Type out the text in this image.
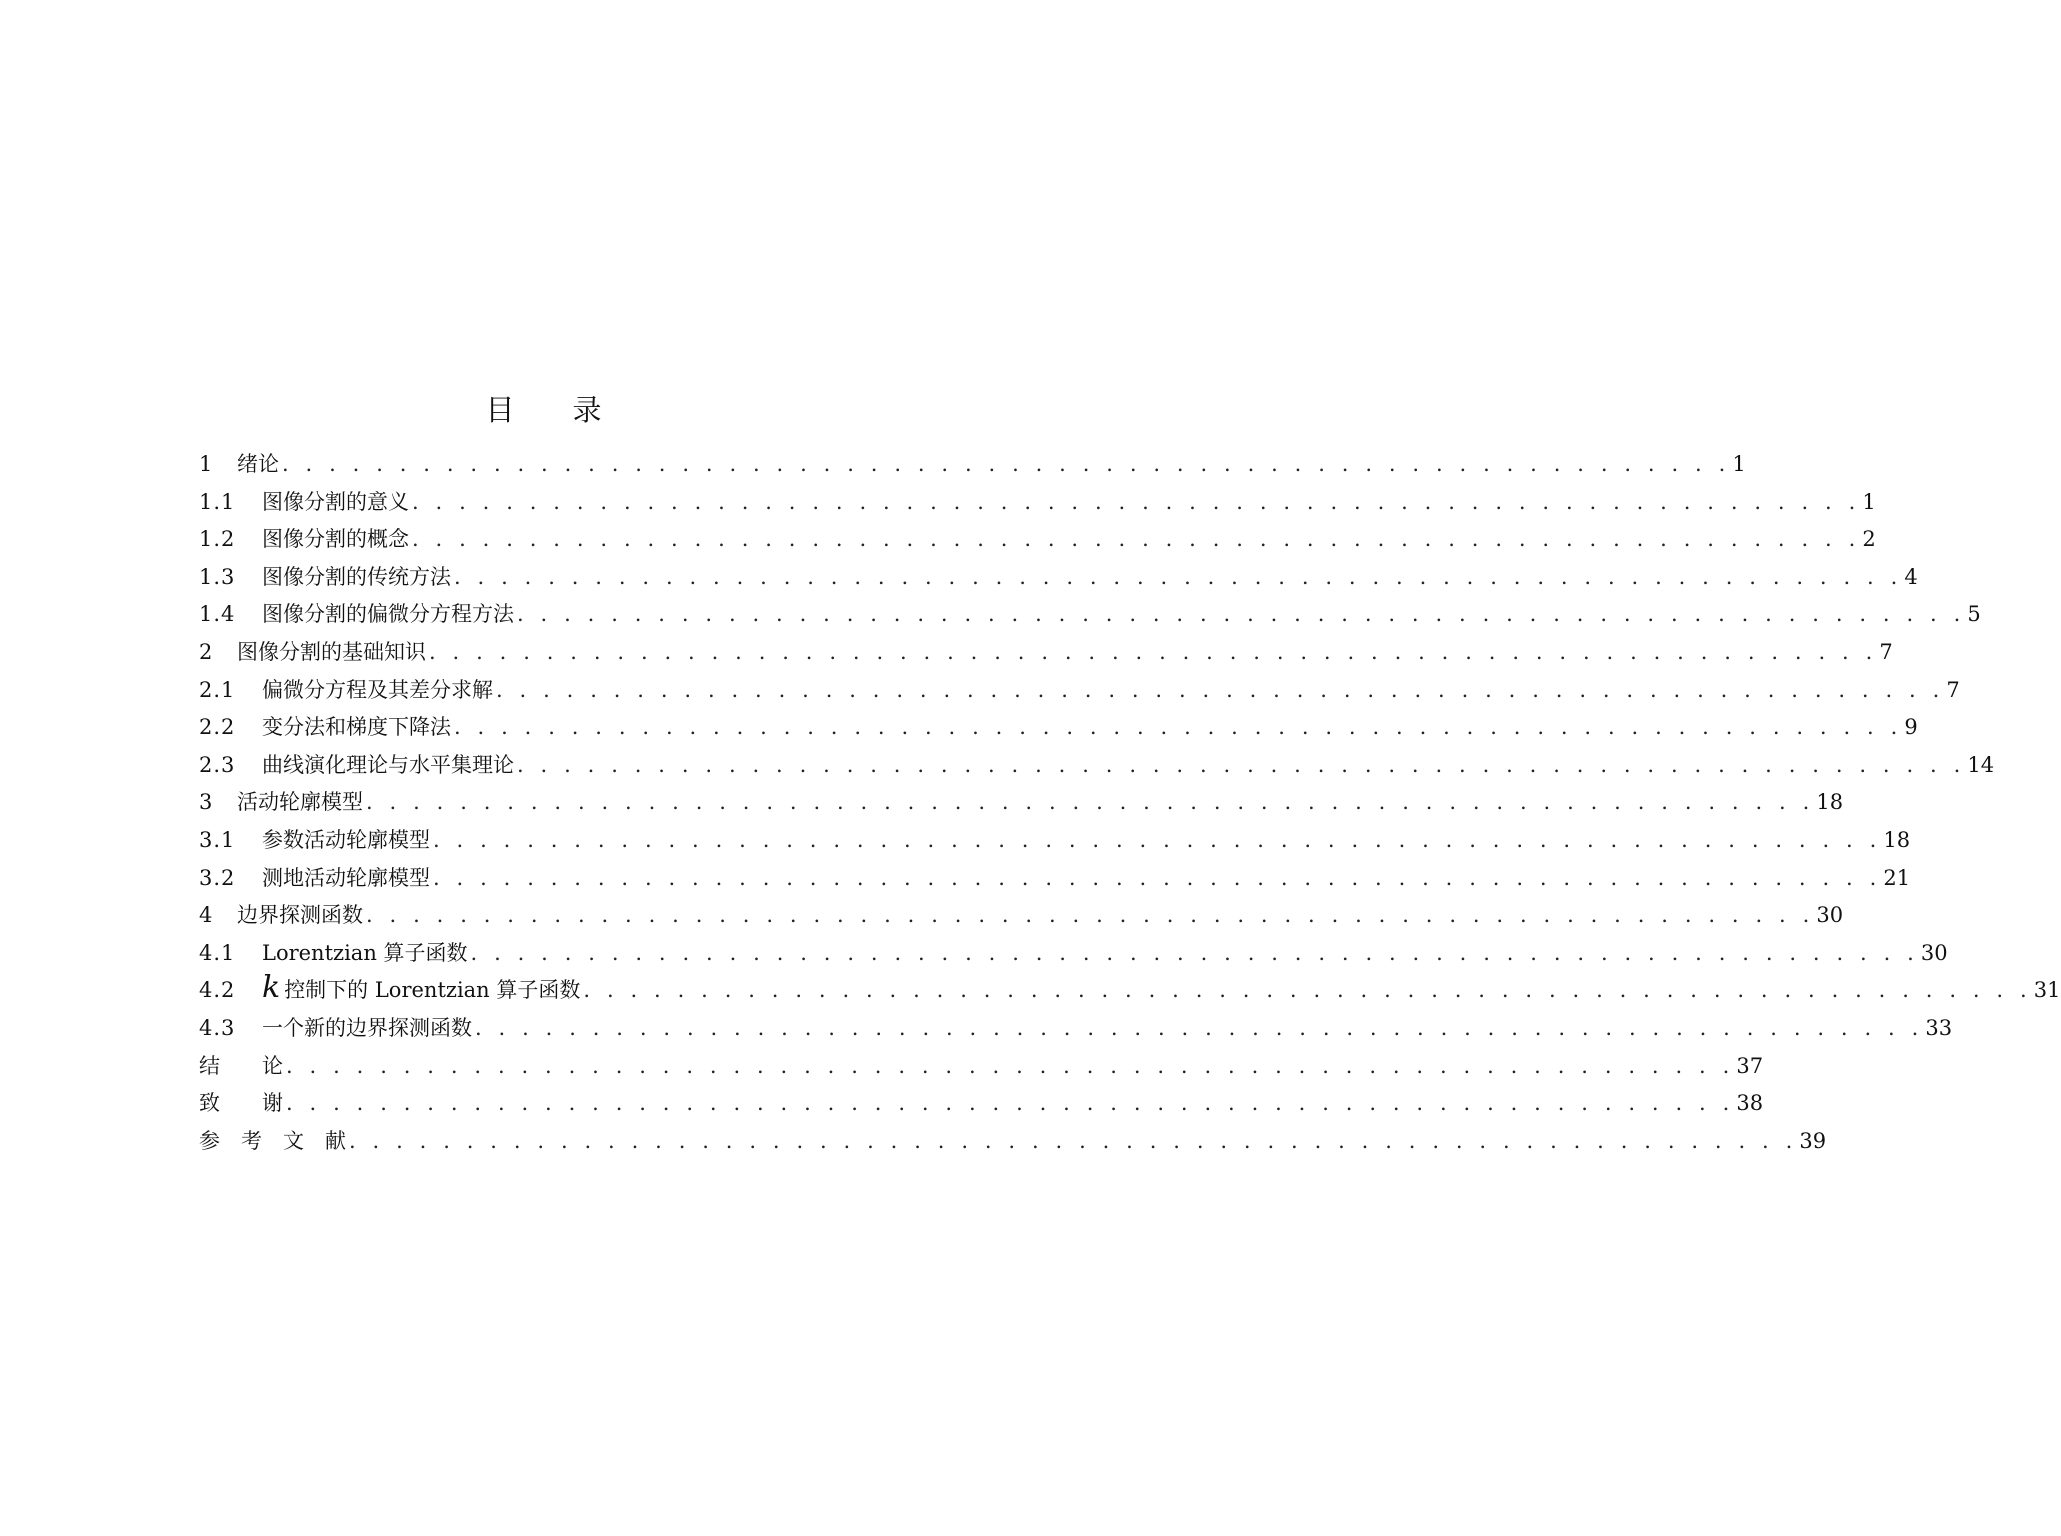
目录
1	绪论 . . . . . . . . . . . . . . . . . . . . . . . . . . . . . . . . . . . . . . . . . . . . . . . . . . . . . . . . . . . . . . 1
1.1	图像分割的意义 . . . . . . . . . . . . . . . . . . . . . . . . . . . . . . . . . . . . . . . . . . . . . . . . . . . . . . . . . . . . . . 1
1.2	图像分割的概念 . . . . . . . . . . . . . . . . . . . . . . . . . . . . . . . . . . . . . . . . . . . . . . . . . . . . . . . . . . . . . . 2
1.3	图像分割的传统方法 . . . . . . . . . . . . . . . . . . . . . . . . . . . . . . . . . . . . . . . . . . . . . . . . . . . . . . . . . . . . . . 4
1.4	图像分割的偏微分方程方法 . . . . . . . . . . . . . . . . . . . . . . . . . . . . . . . . . . . . . . . . . . . . . . . . . . . . . . . . . . . . . . 5
2	图像分割的基础知识 . . . . . . . . . . . . . . . . . . . . . . . . . . . . . . . . . . . . . . . . . . . . . . . . . . . . . . . . . . . . . . 7
2.1	偏微分方程及其差分求解 . . . . . . . . . . . . . . . . . . . . . . . . . . . . . . . . . . . . . . . . . . . . . . . . . . . . . . . . . . . . . . 7
2.2	变分法和梯度下降法 . . . . . . . . . . . . . . . . . . . . . . . . . . . . . . . . . . . . . . . . . . . . . . . . . . . . . . . . . . . . . . 9
2.3	曲线演化理论与水平集理论 . . . . . . . . . . . . . . . . . . . . . . . . . . . . . . . . . . . . . . . . . . . . . . . . . . . . . . . . . . . . . . 14
3	活动轮廓模型 . . . . . . . . . . . . . . . . . . . . . . . . . . . . . . . . . . . . . . . . . . . . . . . . . . . . . . . . . . . . . . 18
3.1	参数活动轮廓模型 . . . . . . . . . . . . . . . . . . . . . . . . . . . . . . . . . . . . . . . . . . . . . . . . . . . . . . . . . . . . . . 18
3.2	测地活动轮廓模型 . . . . . . . . . . . . . . . . . . . . . . . . . . . . . . . . . . . . . . . . . . . . . . . . . . . . . . . . . . . . . . 21
4	边界探测函数 . . . . . . . . . . . . . . . . . . . . . . . . . . . . . . . . . . . . . . . . . . . . . . . . . . . . . . . . . . . . . . 30
4.1	Lorentzian 算子函数 . . . . . . . . . . . . . . . . . . . . . . . . . . . . . . . . . . . . . . . . . . . . . . . . . . . . . . . . . . . . . . 30
4.2 k 控制下的 Lorentzian 算子函数 . . . . . . . . . . . . . . . . . . . . . . . . . . . . . . . . . . . . . . . . . . . . . . . . . . . . . . . . . . . . . . 31
4.3	一个新的边界探测函数 . . . . . . . . . . . . . . . . . . . . . . . . . . . . . . . . . . . . . . . . . . . . . . . . . . . . . . . . . . . . . . 33
结　　论 . . . . . . . . . . . . . . . . . . . . . . . . . . . . . . . . . . . . . . . . . . . . . . . . . . . . . . . . . . . . . . 37
致　　谢 . . . . . . . . . . . . . . . . . . . . . . . . . . . . . . . . . . . . . . . . . . . . . . . . . . . . . . . . . . . . . . 38
参　考　文　献 . . . . . . . . . . . . . . . . . . . . . . . . . . . . . . . . . . . . . . . . . . . . . . . . . . . . . . . . . . . . . . 39
